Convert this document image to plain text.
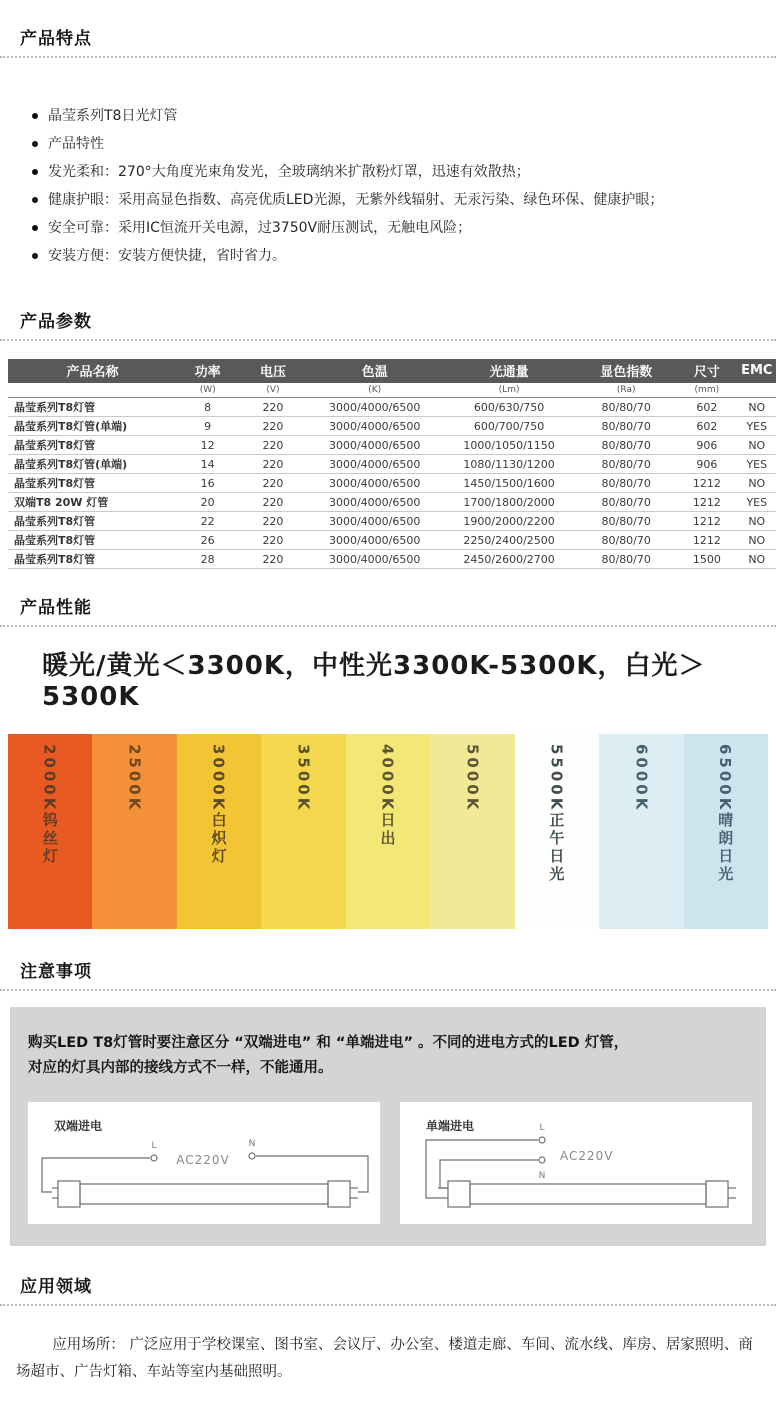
产品特点
晶莹系列T8日光灯管
产品特性
发光柔和：270°大角度光束角发光，全玻璃纳米扩散粉灯罩，迅速有效散热；
健康护眼：采用高显色指数、高亮优质LED光源，无紫外线辐射、无汞污染、绿色环保、健康护眼；
安全可靠：采用IC恒流开关电源，过3750V耐压测试，无触电风险；
安装方便：安装方便快捷，省时省力。
产品参数
产品名称	功率	电压	色温	光通量	显色指数	尺寸	EMC
	(W)	(V)	(K)	(Lm)	(Ra)	(mm)	
晶莹系列T8灯管	8	220	3000/4000/6500	600/630/750	80/80/70	602	NO
晶莹系列T8灯管(单端)	9	220	3000/4000/6500	600/700/750	80/80/70	602	YES
晶莹系列T8灯管	12	220	3000/4000/6500	1000/1050/1150	80/80/70	906	NO
晶莹系列T8灯管(单端)	14	220	3000/4000/6500	1080/1130/1200	80/80/70	906	YES
晶莹系列T8灯管	16	220	3000/4000/6500	1450/1500/1600	80/80/70	1212	NO
双端T8 20W 灯管	20	220	3000/4000/6500	1700/1800/2000	80/80/70	1212	YES
晶莹系列T8灯管	22	220	3000/4000/6500	1900/2000/2200	80/80/70	1212	NO
晶莹系列T8灯管	26	220	3000/4000/6500	2250/2400/2500	80/80/70	1212	NO
晶莹系列T8灯管	28	220	3000/4000/6500	2450/2600/2700	80/80/70	1500	NO
产品性能
暖光/黄光＜3300K，中性光3300K-5300K，白光＞5300K
2000K钨丝灯
2500K	3000K白炽灯
3500K	4000K日出
5000K	5500K正午日光
6000K	6500K晴朗日光
注意事项
购买LED T8灯管时要注意区分 “双端进电” 和 “单端进电” 。不同的进电方式的LED 灯管，
对应的灯具内部的接线方式不一样，不能通用。
双端进电
L	N
AC220V
单端进电	L
N
AC220V
应用领域

应用场所： 广泛应用于学校课室、图书室、会议厅、办公室、楼道走廊、车间、流水线、库房、居家照明、商场超市、广告灯箱、车站等室内基础照明。
